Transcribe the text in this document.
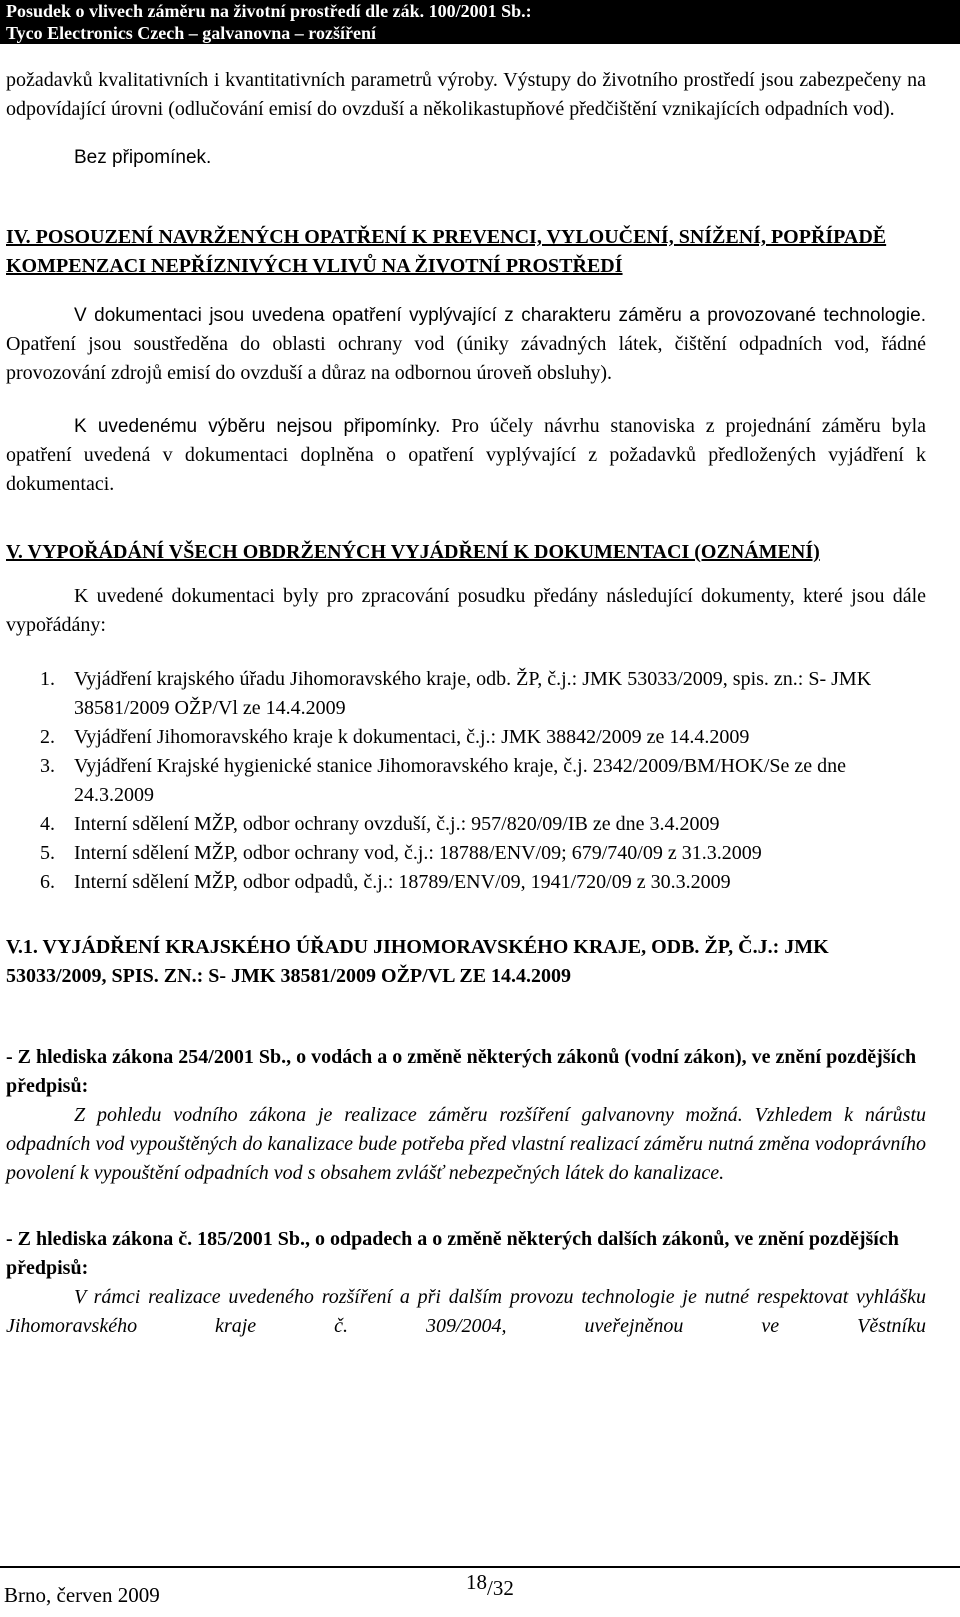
Posudek o vlivech záměru na životní prostředí dle zák. 100/2001 Sb.:
Tyco Electronics Czech – galvanovna – rozšíření

požadavků kvalitativních i kvantitativních parametrů výroby. Výstupy do životního prostředí jsou zabezpečeny na odpovídající úrovni (odlučování emisí do ovzduší a několikastupňové předčištění vznikajících odpadních vod).

Bez připomínek.

IV. POSOUZENÍ NAVRŽENÝCH OPATŘENÍ K PREVENCI, VYLOUČENÍ, SNÍŽENÍ, POPŘÍPADĚ KOMPENZACI NEPŘÍZNIVÝCH VLIVŮ NA ŽIVOTNÍ PROSTŘEDÍ

V dokumentaci jsou uvedena opatření vyplývající z charakteru záměru a provozované technologie. Opatření jsou soustředěna do oblasti ochrany vod (úniky závadných látek, čištění odpadních vod, řádné provozování zdrojů emisí do ovzduší a důraz na odbornou úroveň obsluhy).

K uvedenému výběru nejsou připomínky. Pro účely návrhu stanoviska z projednání záměru byla opatření uvedená v dokumentaci doplněna o opatření vyplývající z požadavků předložených vyjádření k dokumentaci.

V. VYPOŘÁDÁNÍ VŠECH OBDRŽENÝCH VYJÁDŘENÍ K DOKUMENTACI (OZNÁMENÍ)

K uvedené dokumentaci byly pro zpracování posudku předány následující dokumenty, které jsou dále vypořádány:

1. Vyjádření krajského úřadu Jihomoravského kraje, odb. ŽP, č.j.: JMK 53033/2009, spis. zn.: S- JMK 38581/2009 OŽP/Vl ze 14.4.2009
2. Vyjádření Jihomoravského kraje k dokumentaci, č.j.: JMK 38842/2009 ze 14.4.2009
3. Vyjádření Krajské hygienické stanice Jihomoravského kraje, č.j. 2342/2009/BM/HOK/Se ze dne 24.3.2009
4. Interní sdělení MŽP, odbor ochrany ovzduší, č.j.: 957/820/09/IB ze dne 3.4.2009
5. Interní sdělení MŽP, odbor ochrany vod, č.j.: 18788/ENV/09; 679/740/09 z 31.3.2009
6. Interní sdělení MŽP, odbor odpadů, č.j.: 18789/ENV/09, 1941/720/09 z 30.3.2009

V.1. VYJÁDŘENÍ KRAJSKÉHO ÚŘADU JIHOMORAVSKÉHO KRAJE, ODB. ŽP, Č.J.: JMK 53033/2009, SPIS. ZN.: S- JMK 38581/2009 OŽP/VL ZE 14.4.2009

- Z hlediska zákona 254/2001 Sb., o vodách a o změně některých zákonů (vodní zákon), ve znění pozdějších předpisů:

Z pohledu vodního zákona je realizace záměru rozšíření galvanovny možná. Vzhledem k nárůstu odpadních vod vypouštěných do kanalizace bude potřeba před vlastní realizací záměru nutná změna vodoprávního povolení k vypouštění odpadních vod s obsahem zvlášť nebezpečných látek do kanalizace.

- Z hlediska zákona č. 185/2001 Sb., o odpadech a o změně některých dalších zákonů, ve znění pozdějších předpisů:

V rámci realizace uvedeného rozšíření a při dalším provozu technologie je nutné respektovat vyhlášku Jihomoravského kraje č. 309/2004, uveřejněnou ve Věstníku

Brno, červen 2009
18/32
